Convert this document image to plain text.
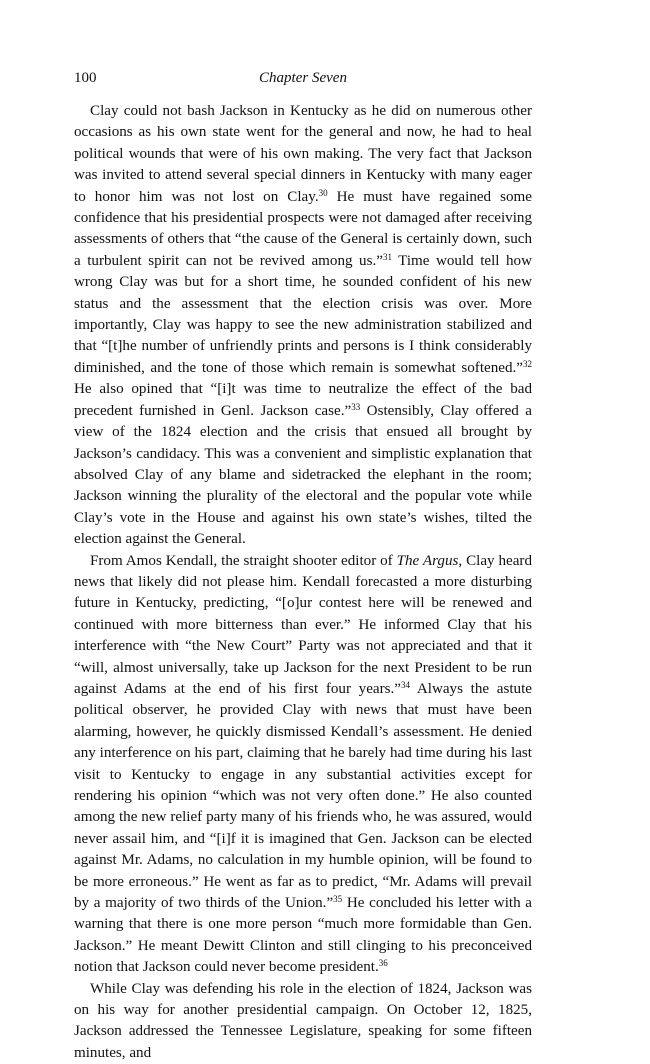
100	Chapter Seven

Clay could not bash Jackson in Kentucky as he did on numerous other occasions as his own state went for the general and now, he had to heal political wounds that were of his own making. The very fact that Jackson was invited to attend several special dinners in Kentucky with many eager to honor him was not lost on Clay.$^{30}$ He must have regained some confidence that his presidential prospects were not damaged after receiving assessments of others that “the cause of the General is certainly down, such a turbulent spirit can not be revived among us.”$^{31}$ Time would tell how wrong Clay was but for a short time, he sounded confident of his new status and the assessment that the election crisis was over. More importantly, Clay was happy to see the new administration stabilized and that “[t]he number of unfriendly prints and persons is I think considerably diminished, and the tone of those which remain is somewhat softened.”$^{32}$ He also opined that “[i]t was time to neutralize the effect of the bad precedent furnished in Genl. Jackson case.”$^{33}$ Ostensibly, Clay offered a view of the 1824 election and the crisis that ensued all brought by Jackson’s candidacy. This was a convenient and simplistic explanation that absolved Clay of any blame and sidetracked the elephant in the room; Jackson winning the plurality of the electoral and the popular vote while Clay’s vote in the House and against his own state’s wishes, tilted the election against the General.

From Amos Kendall, the straight shooter editor of The Argus, Clay heard news that likely did not please him. Kendall forecasted a more disturbing future in Kentucky, predicting, “[o]ur contest here will be renewed and continued with more bitterness than ever.” He informed Clay that his interference with “the New Court” Party was not appreciated and that it “will, almost universally, take up Jackson for the next President to be run against Adams at the end of his first four years.”$^{34}$ Always the astute political observer, he provided Clay with news that must have been alarming, however, he quickly dismissed Kendall’s assessment. He denied any interference on his part, claiming that he barely had time during his last visit to Kentucky to engage in any substantial activities except for rendering his opinion “which was not very often done.” He also counted among the new relief party many of his friends who, he was assured, would never assail him, and “[i]f it is imagined that Gen. Jackson can be elected against Mr. Adams, no calculation in my humble opinion, will be found to be more erroneous.” He went as far as to predict, “Mr. Adams will prevail by a majority of two thirds of the Union.”$^{35}$ He concluded his letter with a warning that there is one more person “much more formidable than Gen. Jackson.” He meant Dewitt Clinton and still clinging to his preconceived notion that Jackson could never become president.$^{36}$

While Clay was defending his role in the election of 1824, Jackson was on his way for another presidential campaign. On October 12, 1825, Jackson addressed the Tennessee Legislature, speaking for some fifteen minutes, and
